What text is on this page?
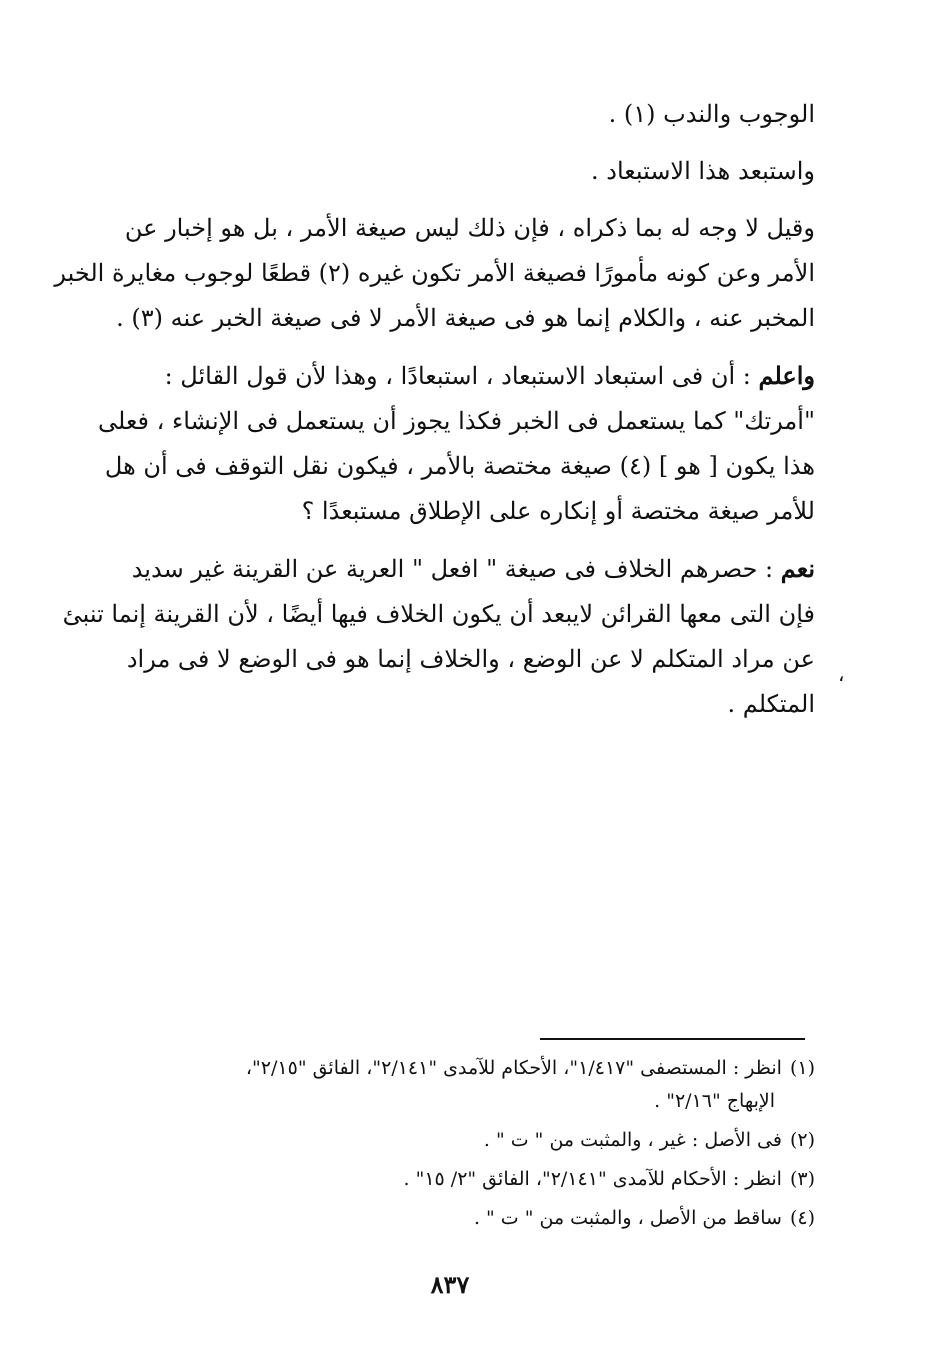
الوجوب والندب (١) .

واستبعد هذا الاستبعاد .

وقيل لا وجه له بما ذكراه ، فإن ذلك ليس صيغة الأمر ، بل هو إخبار عن
الأمر وعن كونه مأمورًا فصيغة الأمر تكون غيره (٢) قطعًا لوجوب مغايرة الخبر
المخبر عنه ، والكلام إنما هو فى صيغة الأمر لا فى صيغة الخبر عنه (٣) .

واعلم : أن فى استبعاد الاستبعاد ، استبعادًا ، وهذا لأن قول القائل :
"أمرتك" كما يستعمل فى الخبر فكذا يجوز أن يستعمل فى الإنشاء ، فعلى
هذا يكون [ هو ] (٤) صيغة مختصة بالأمر ، فيكون نقل التوقف فى أن هل
للأمر صيغة مختصة أو إنكاره على الإطلاق مستبعدًا ؟

نعم : حصرهم الخلاف فى صيغة " افعل " العرية عن القرينة غير سديد
فإن التى معها القرائن لايبعد أن يكون الخلاف فيها أيضًا ، لأن القرينة إنما تنبئ
عن مراد المتكلم لا عن الوضع ، والخلاف إنما هو فى الوضع لا فى مراد
المتكلم .

،
(١)انظر : المستصفى "١/٤١٧"، الأحكام للآمدى "٢/١٤١"، الفائق "٢/١٥"،
الإبهاج "٢/١٦" .
(٢)فى الأصل : غير ، والمثبت من " ت " .
(٣)انظر : الأحكام للآمدى "٢/١٤١"، الفائق "٢/ ١٥" .
(٤)ساقط من الأصل ، والمثبت من " ت " .
٨٣٧
